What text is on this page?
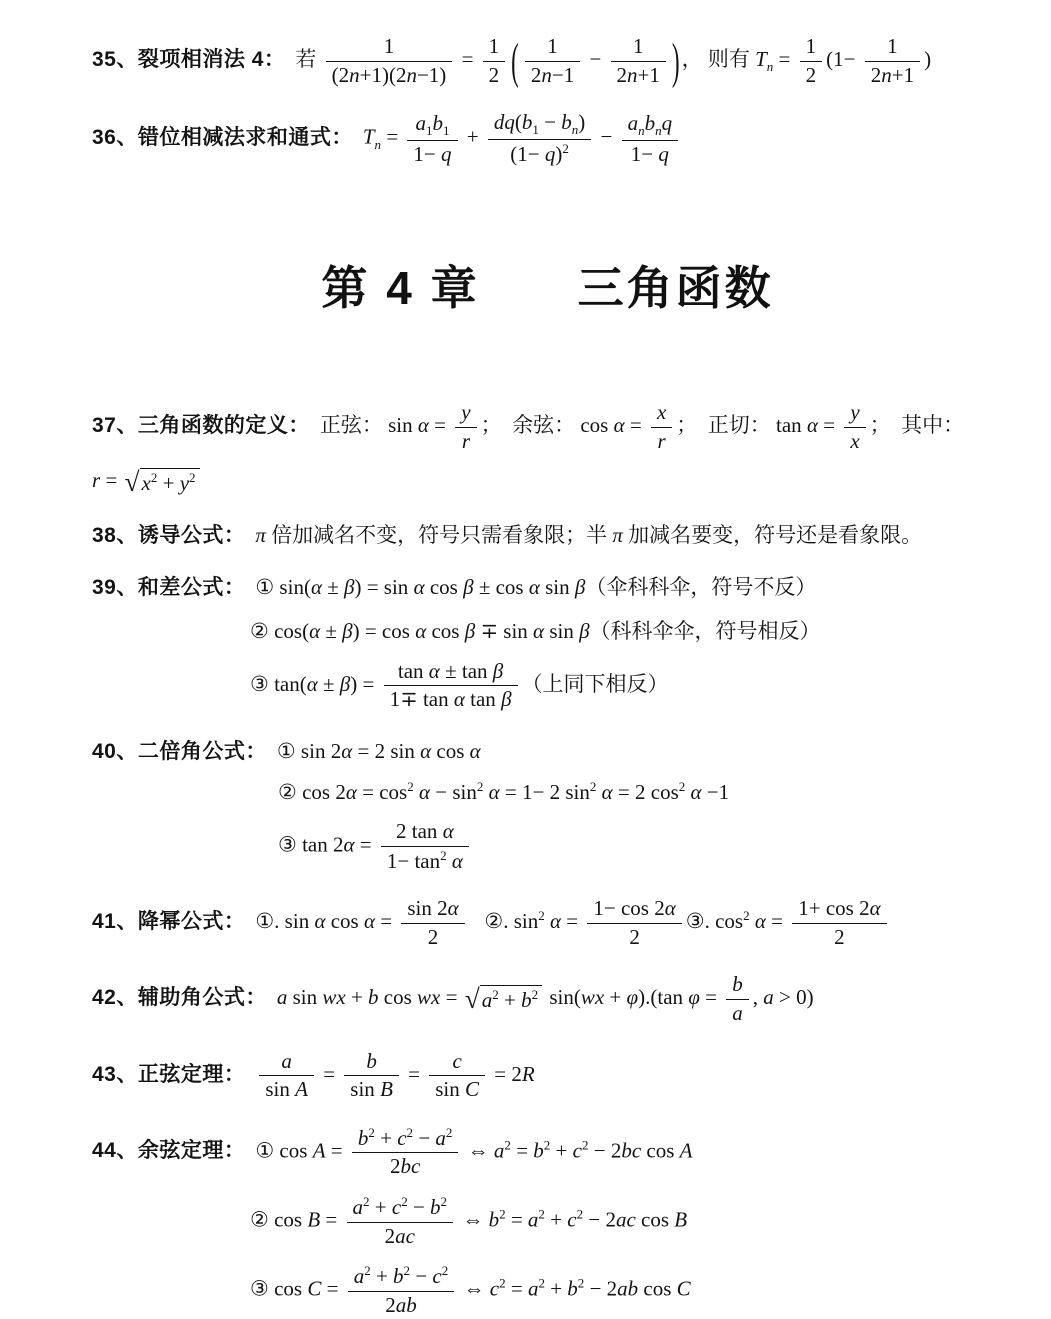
35、裂项相消法 4： 若 $\frac{1}{(2n+1)(2n-1)} = \frac{1}{2}$ ( $\frac{1}{2n-1} - \frac{1}{2n+1}$ )， 则有 $T_n = \frac{1}{2} (1- \frac{1}{2n+1}$ )
36、错位相减法求和通式： $T_n = \frac{a_1b_1}{1- q} + \frac{dq(b_1 - b_n)}{(1- q)^2} - \frac{a_nb_nq}{1- q}$
第 4 章　　三角函数
37、三角函数的定义： 正弦： $\sin \alpha = \frac{y}{r}$ ；  余弦： $\cos \alpha = \frac{x}{r}$ ；  正切： $\tan \alpha = \frac{y}{x}$ ；  其中：
r = √ $x^2 + y^2$
38、诱导公式： π 倍加减名不变，符号只需看象限；半 π 加减名要变，符号还是看象限。
39、和差公式： ① sin(α ± β) = sin α cos β ± cos α sin β（伞科科伞，符号不反）
② cos(α ± β) = cos α cos β ∓ sin α sin β（科科伞伞，符号相反）
③ $\tan(\alpha \pm \beta) = \frac{\text{tan α ± tan β}}{\text{1∓ tan α tan β}}$ （上同下相反）
40、二倍角公式： ① sin 2α = 2 sin α cos α
② $\cos 2\alpha = \cos^2 \alpha - \sin^2 \alpha = 1- 2$ $\sin^2 \alpha = 2$ $\cos^2 \alpha -1$
③ $\tan 2\alpha = \frac{\text{2 tan α}}{1- \tan^2 \alpha}$
41、降幂公式： ①. sin α $\cos \alpha = \frac{\sin 2\alpha}{2}$ ②. $\sin^2 \alpha = \frac{1- \cos 2\alpha}{2}$ ③. $\cos^2 \alpha = \frac{1+ \cos 2\alpha}{2}$
42、辅助角公式： a sin wx + b cos wx = √ $a^2 + b^2$ sin(wx + φ).(tan $\varphi = \frac{b}{a}$ , a > 0)
43、正弦定理： $\frac{a}{\text{sin A}} = \frac{b}{\text{sin B}} = \frac{c}{\text{sin C}} = 2R$
44、余弦定理： ① $\cos A = \frac{b^2 + c^2 - a^2}{2bc}$ ⇔ $a^2 = b^2 + c^2 - 2bc$ cos A
② $\cos B = \frac{a^2 + c^2 - b^2}{2ac}$ ⇔ $b^2 = a^2 + c^2 - 2ac$ cos B
③ $\cos C = \frac{a^2 + b^2 - c^2}{2ab}$ ⇔ $c^2 = a^2 + b^2 - 2ab$ cos C
